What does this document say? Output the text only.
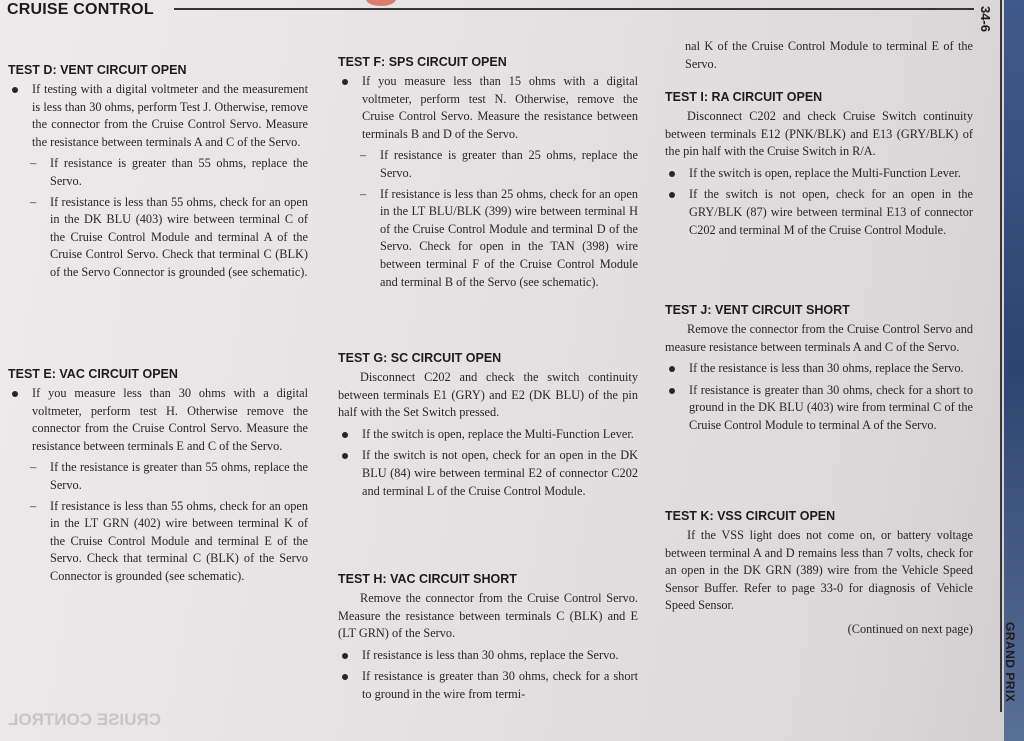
CRUISE CONTROL	34-6
CRUISE CONTROL
TEST D: VENT CIRCUIT OPEN

If testing with a digital voltmeter and the measurement is less than 30 ohms, perform Test J. Otherwise, remove the connector from the Cruise Control Servo. Measure the resistance between terminals A and C of the Servo.

– If resistance is greater than 55 ohms, replace the Servo.

– If resistance is less than 55 ohms, check for an open in the DK BLU (403) wire between terminal C of the Cruise Control Module and terminal A of the Cruise Control Servo. Check that terminal C (BLK) of the Servo Connector is grounded (see schematic).

TEST E: VAC CIRCUIT OPEN

If you measure less than 30 ohms with a digital voltmeter, perform test H. Otherwise remove the connector from the Cruise Control Servo. Measure the resistance between terminals E and C of the Servo.

– If the resistance is greater than 55 ohms, replace the Servo.

– If resistance is less than 55 ohms, check for an open in the LT GRN (402) wire between terminal K of the Cruise Control Module and terminal E of the Servo. Check that terminal C (BLK) of the Servo Connector is grounded (see schematic).

TEST F: SPS CIRCUIT OPEN

If you measure less than 15 ohms with a digital voltmeter, perform test N. Otherwise, remove the Cruise Control Servo. Measure the resistance between terminals B and D of the Servo.

– If resistance is greater than 25 ohms, replace the Servo.

– If resistance is less than 25 ohms, check for an open in the LT BLU/BLK (399) wire between terminal H of the Cruise Control Module and terminal D of the Servo. Check for open in the TAN (398) wire between terminal F of the Cruise Control Module and terminal B of the Servo (see schematic).

TEST G: SC CIRCUIT OPEN

Disconnect C202 and check the switch continuity between terminals E1 (GRY) and E2 (DK BLU) of the pin half with the Set Switch pressed.

If the switch is open, replace the Multi-Function Lever.

If the switch is not open, check for an open in the DK BLU (84) wire between terminal E2 of connector C202 and terminal L of the Cruise Control Module.

TEST H: VAC CIRCUIT SHORT

Remove the connector from the Cruise Control Servo. Measure the resistance between terminals C (BLK) and E (LT GRN) of the Servo.

If resistance is less than 30 ohms, replace the Servo.

If resistance is greater than 30 ohms, check for a short to ground in the wire from termi-

nal K of the Cruise Control Module to terminal E of the Servo.

TEST I: RA CIRCUIT OPEN

Disconnect C202 and check Cruise Switch continuity between terminals E12 (PNK/BLK) and E13 (GRY/BLK) of the pin half with the Cruise Switch in R/A.

If the switch is open, replace the Multi-Function Lever.

If the switch is not open, check for an open in the GRY/BLK (87) wire between terminal E13 of connector C202 and terminal M of the Cruise Control Module.

TEST J: VENT CIRCUIT SHORT

Remove the connector from the Cruise Control Servo and measure resistance between terminals A and C of the Servo.

If the resistance is less than 30 ohms, replace the Servo.

If resistance is greater than 30 ohms, check for a short to ground in the DK BLU (403) wire from terminal C of the Cruise Control Module to terminal A of the Servo.

TEST K: VSS CIRCUIT OPEN

If the VSS light does not come on, or battery voltage between terminal A and D remains less than 7 volts, check for an open in the DK GRN (389) wire from the Vehicle Speed Sensor Buffer. Refer to page 33-0 for diagnosis of Vehicle Speed Sensor.

(Continued on next page)	GRAND PRIX
